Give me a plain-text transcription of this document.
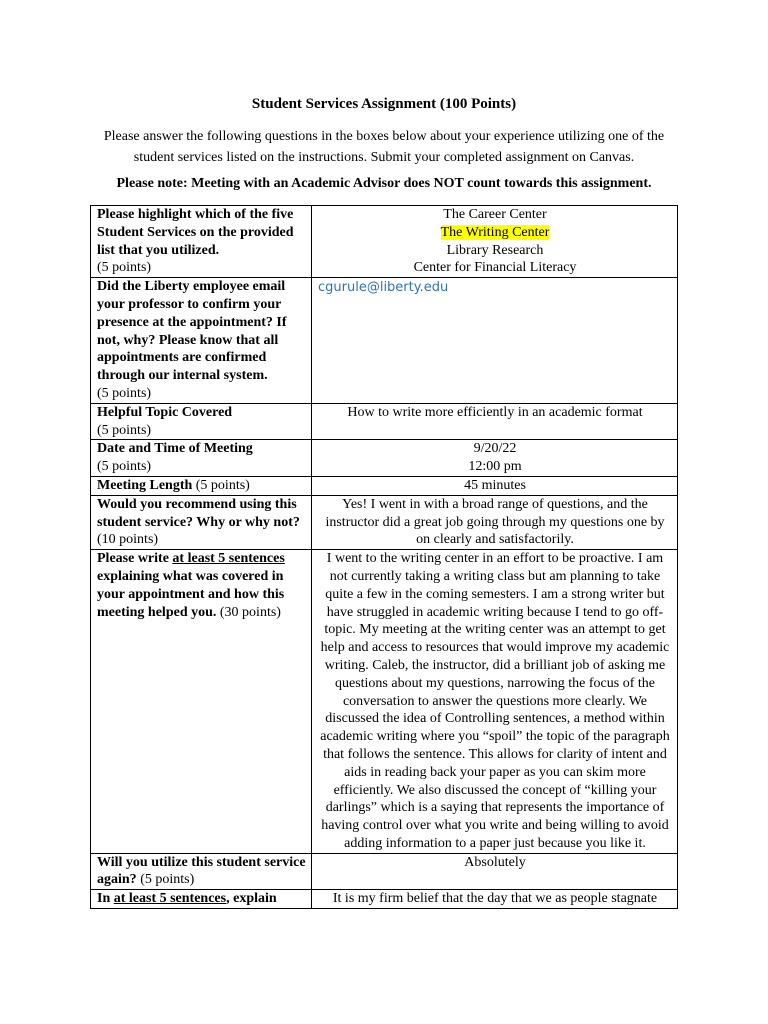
Student Services Assignment (100 Points)
Please answer the following questions in the boxes below about your experience utilizing one of the student services listed on the instructions. Submit your completed assignment on Canvas.
Please note: Meeting with an Academic Advisor does NOT count towards this assignment.
Please highlight which of the five Student Services on the provided list that you utilized.
(5 points)	The Career Center
The Writing Center
Library Research
Center for Financial Literacy
Did the Liberty employee email your professor to confirm your presence at the appointment? If not, why? Please know that all appointments are confirmed through our internal system.
(5 points)	cgurule@liberty.edu

Helpful Topic Covered
(5 points)	How to write more efficiently in an academic format
Date and Time of Meeting
(5 points)	9/20/22
12:00 pm
Meeting Length (5 points)	45 minutes
Would you recommend using this student service? Why or why not? (10 points)	Yes! I went in with a broad range of questions, and the instructor did a great job going through my questions one by on clearly and satisfactorily.
Please write at least 5 sentences explaining what was covered in your appointment and how this meeting helped you. (30 points)	I went to the writing center in an effort to be proactive. I am not currently taking a writing class but am planning to take quite a few in the coming semesters. I am a strong writer but have struggled in academic writing because I tend to go off-topic. My meeting at the writing center was an attempt to get help and access to resources that would improve my academic writing. Caleb, the instructor, did a brilliant job of asking me questions about my questions, narrowing the focus of the conversation to answer the questions more clearly. We discussed the idea of Controlling sentences, a method within academic writing where you “spoil” the topic of the paragraph that follows the sentence. This allows for clarity of intent and aids in reading back your paper as you can skim more efficiently. We also discussed the concept of “killing your darlings” which is a saying that represents the importance of having control over what you write and being willing to avoid adding information to a paper just because you like it.
Will you utilize this student service again? (5 points)	Absolutely
In at least 5 sentences, explain	It is my firm belief that the day that we as people stagnate
